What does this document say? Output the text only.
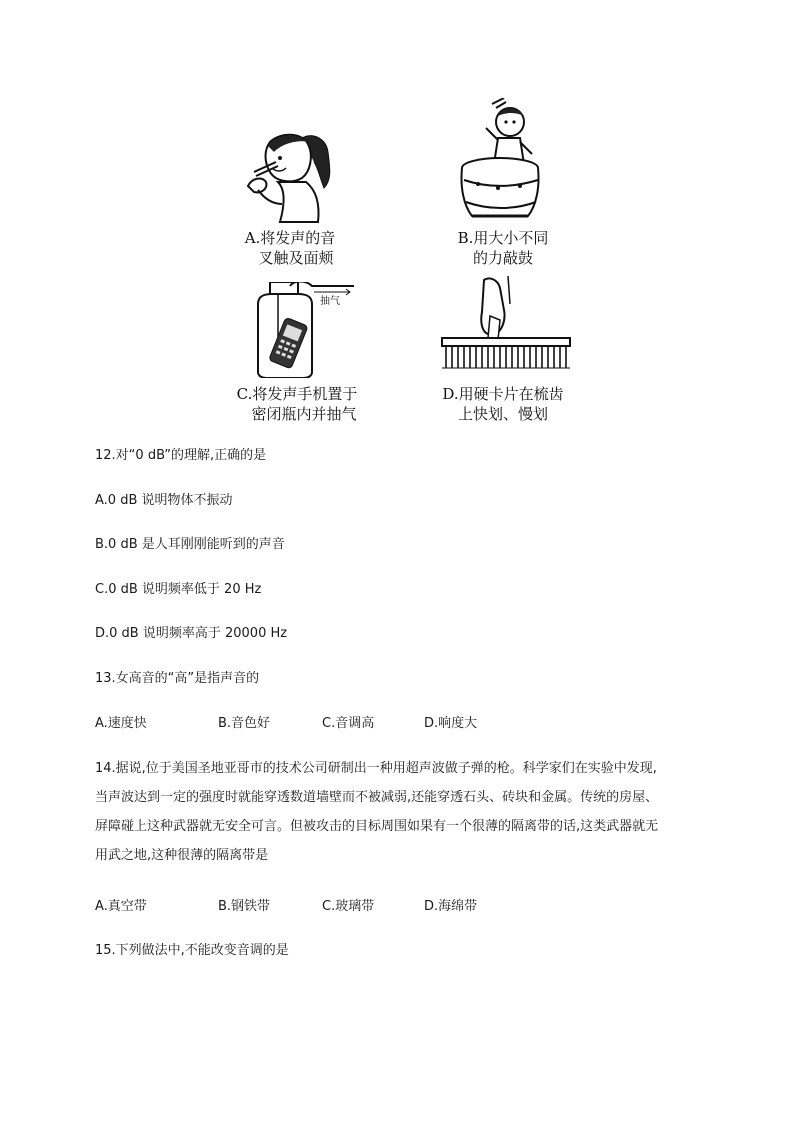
A.将发声的音
叉触及面颊
B.用大小不同
的力敲鼓
抽气
C.将发声手机置于
密闭瓶内并抽气
D.用硬卡片在梳齿
上快划、慢划
12.对“0 dB”的理解,正确的是
A.0 dB 说明物体不振动
B.0 dB 是人耳刚刚能听到的声音
C.0 dB 说明频率低于 20 Hz
D.0 dB 说明频率高于 20000 Hz
13.女高音的“高”是指声音的
A.速度快	B.音色好	C.音调高	D.响度大
14.据说,位于美国圣地亚哥市的技术公司研制出一种用超声波做子弹的枪。科学家们在实验中发现,
当声波达到一定的强度时就能穿透数道墙壁而不被减弱,还能穿透石头、砖块和金属。传统的房屋、
屏障碰上这种武器就无安全可言。但被攻击的目标周围如果有一个很薄的隔离带的话,这类武器就无
用武之地,这种很薄的隔离带是
A.真空带	B.钢铁带	C.玻璃带	D.海绵带
15.下列做法中,不能改变音调的是
